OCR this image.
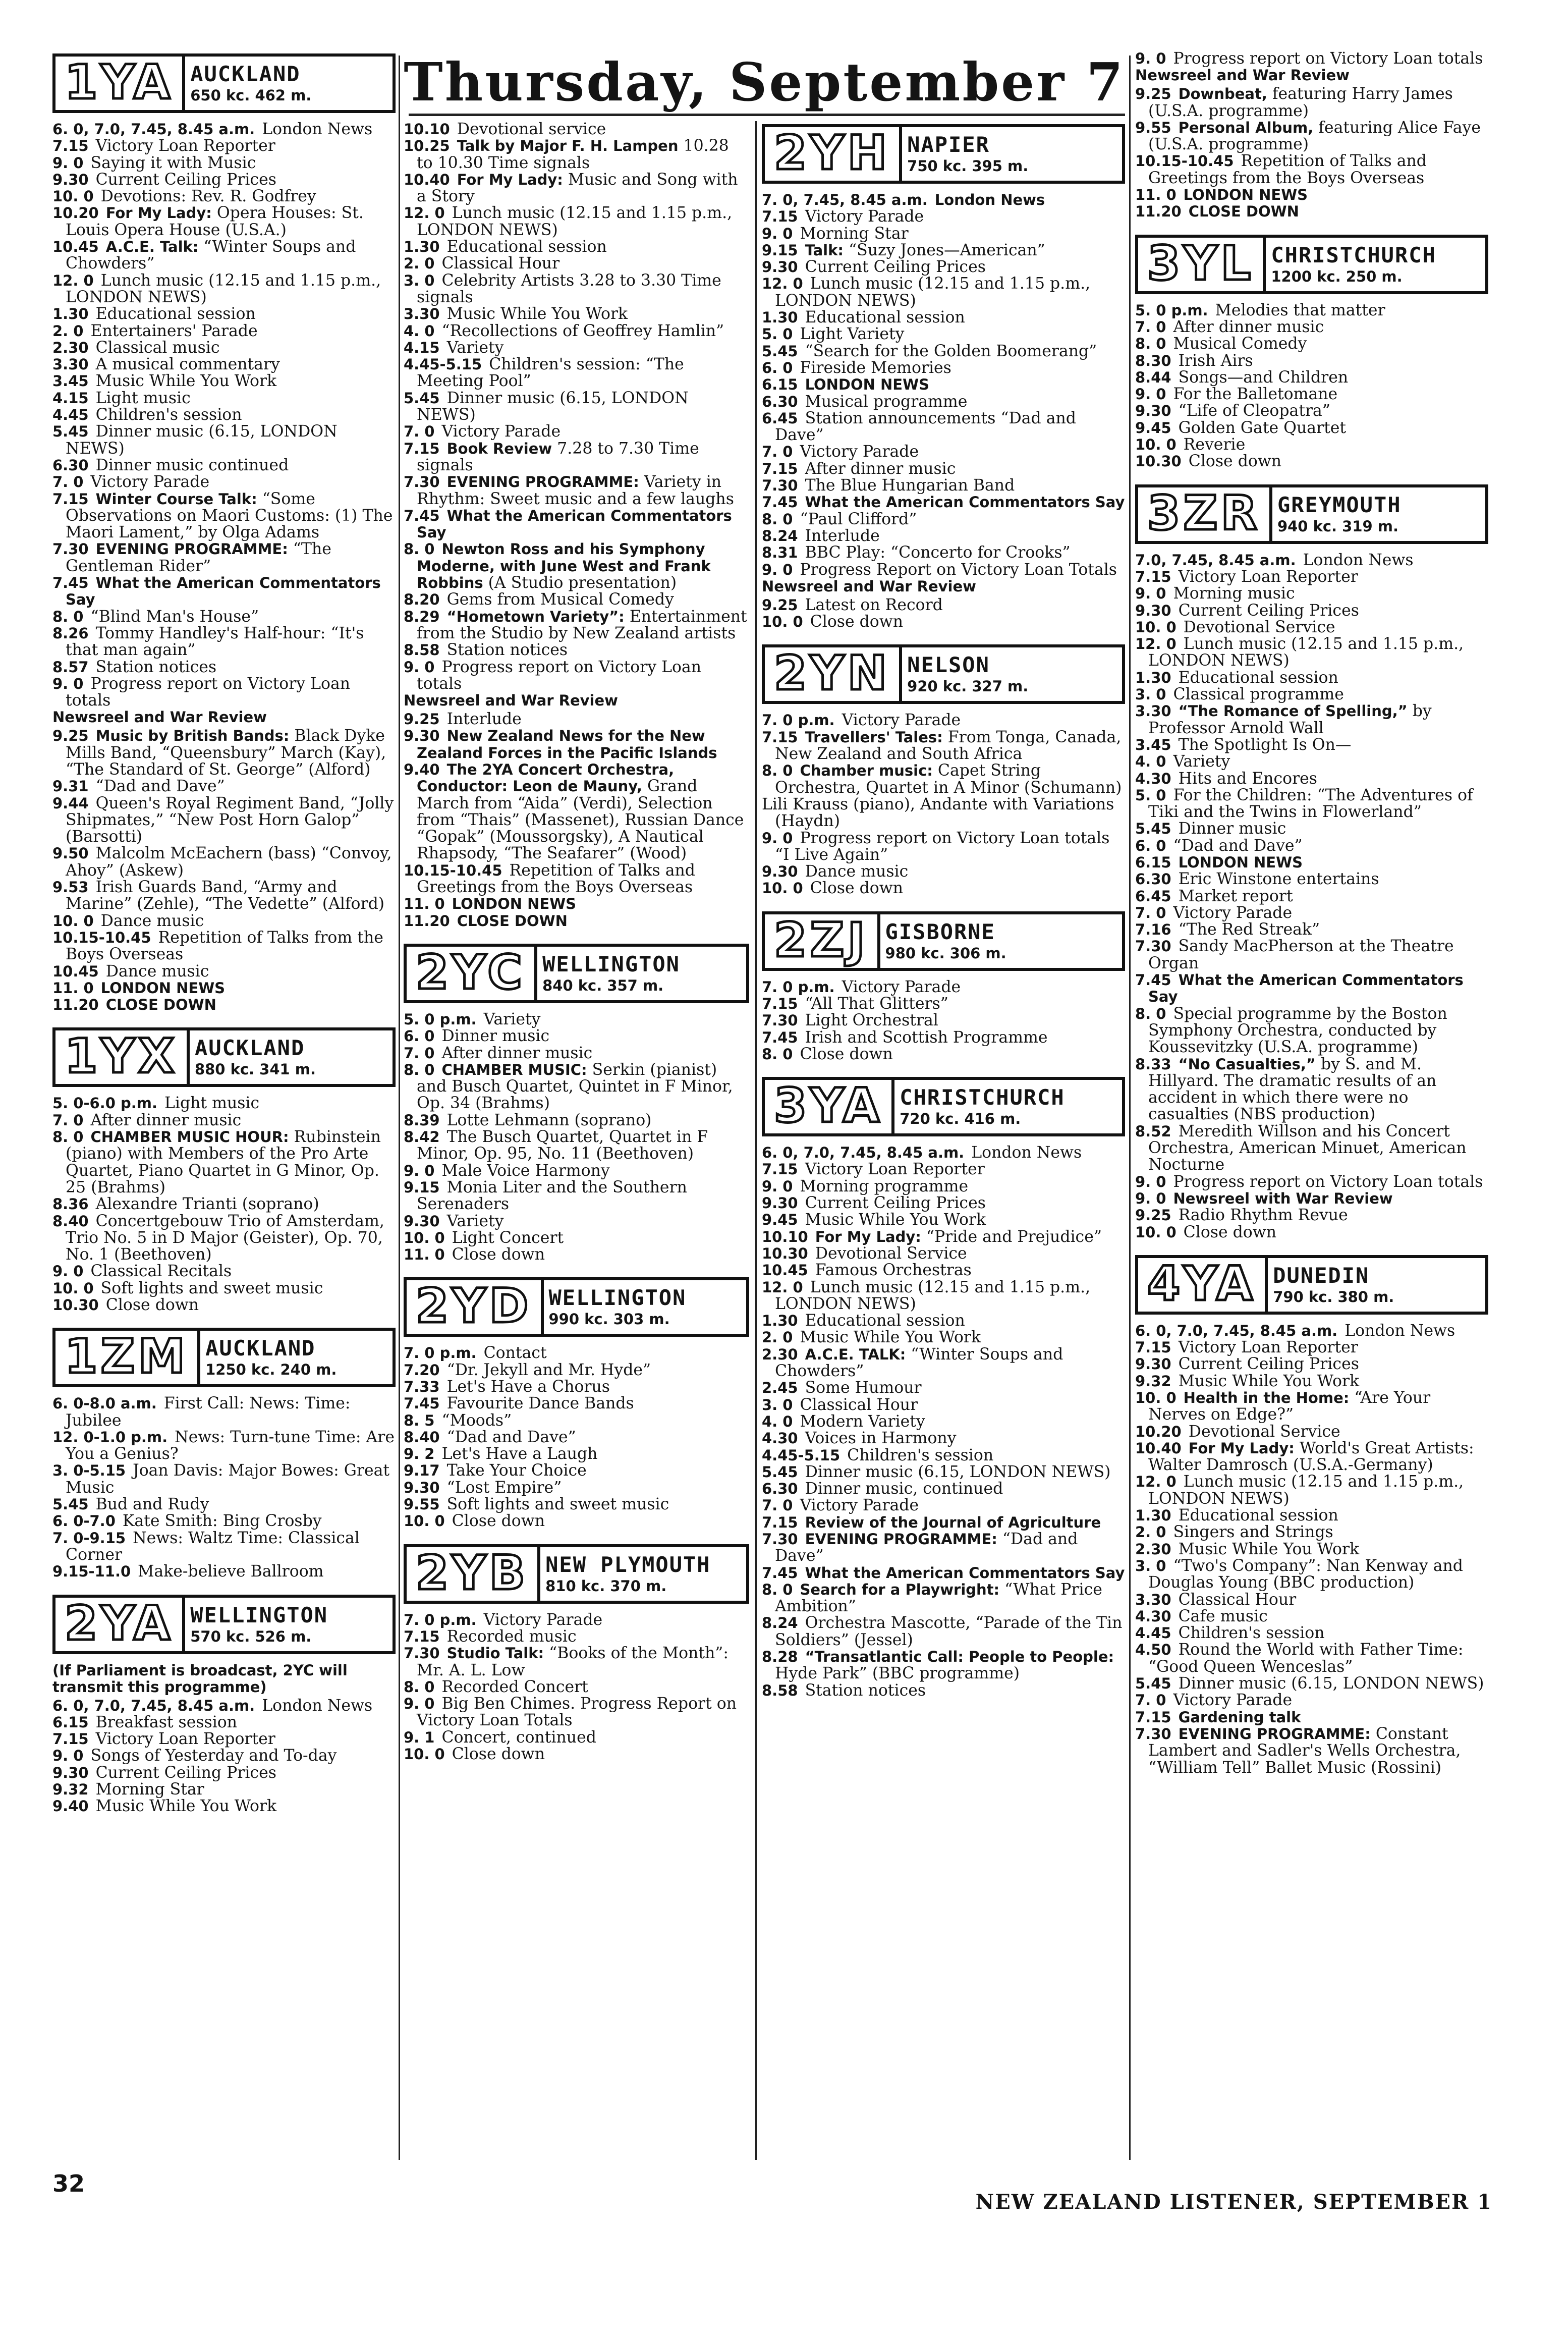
Thursday, September 7
1YA AUCKLAND
650 kc. 462 m.
6. 0, 7.0, 7.45, 8.45 a.m. London News
7.15 Victory Loan Reporter
9. 0 Saying it with Music
9.30 Current Ceiling Prices
10. 0 Devotions: Rev. R. Godfrey
10.20 For My Lady: Opera Houses: St. Louis Opera House (U.S.A.)
10.45 A.C.E. Talk: “Winter Soups and Chowders”
12. 0 Lunch music (12.15 and 1.15 p.m., LONDON NEWS)
1.30 Educational session
2. 0 Entertainers' Parade
2.30 Classical music
3.30 A musical commentary
3.45 Music While You Work
4.15 Light music
4.45 Children's session
5.45 Dinner music (6.15, LONDON NEWS)
6.30 Dinner music continued
7. 0 Victory Parade
7.15 Winter Course Talk: “Some Observations on Maori Customs: (1) The Maori Lament,” by Olga Adams
7.30 EVENING PROGRAMME: “The Gentleman Rider”
7.45 What the American Commentators Say
8. 0 “Blind Man's House”
8.26 Tommy Handley's Half-hour: “It's that man again”
8.57 Station notices
9. 0 Progress report on Victory Loan totals
Newsreel and War Review
9.25 Music by British Bands: Black Dyke Mills Band, “Queensbury” March (Kay), “The Standard of St. George” (Alford)
9.31 “Dad and Dave”
9.44 Queen's Royal Regiment Band, “Jolly Shipmates,” “New Post Horn Galop” (Barsotti)
9.50 Malcolm McEachern (bass) “Convoy, Ahoy” (Askew)
9.53 Irish Guards Band, “Army and Marine” (Zehle), “The Vedette” (Alford)
10. 0 Dance music
10.15-10.45 Repetition of Talks from the Boys Overseas
10.45 Dance music
11. 0 LONDON NEWS
11.20 CLOSE DOWN
1YX AUCKLAND
880 kc. 341 m.
5. 0-6.0 p.m. Light music
7. 0 After dinner music
8. 0 CHAMBER MUSIC HOUR: Rubinstein (piano) with Members of the Pro Arte Quartet, Piano Quartet in G Minor, Op. 25 (Brahms)
8.36 Alexandre Trianti (soprano)
8.40 Concertgebouw Trio of Amsterdam, Trio No. 5 in D Major (Geister), Op. 70, No. 1 (Beethoven)
9. 0 Classical Recitals
10. 0 Soft lights and sweet music
10.30 Close down
1ZM AUCKLAND
1250 kc. 240 m.
6. 0-8.0 a.m. First Call: News: Time: Jubilee
12. 0-1.0 p.m. News: Turn-tune Time: Are You a Genius?
3. 0-5.15 Joan Davis: Major Bowes: Great Music
5.45 Bud and Rudy
6. 0-7.0 Kate Smith: Bing Crosby
7. 0-9.15 News: Waltz Time: Classical Corner
9.15-11.0 Make-believe Ballroom
2YA WELLINGTON
570 kc. 526 m.
(If Parliament is broadcast, 2YC will transmit this programme)
6. 0, 7.0, 7.45, 8.45 a.m. London News
6.15 Breakfast session
7.15 Victory Loan Reporter
9. 0 Songs of Yesterday and To-day
9.30 Current Ceiling Prices
9.32 Morning Star
9.40 Music While You Work
10.10 Devotional service
10.25 Talk by Major F. H. Lampen 10.28 to 10.30 Time signals
10.40 For My Lady: Music and Song with a Story
12. 0 Lunch music (12.15 and 1.15 p.m., LONDON NEWS)
1.30 Educational session
2. 0 Classical Hour
3. 0 Celebrity Artists 3.28 to 3.30 Time signals
3.30 Music While You Work
4. 0 “Recollections of Geoffrey Hamlin”
4.15 Variety
4.45-5.15 Children's session: “The Meeting Pool”
5.45 Dinner music (6.15, LONDON NEWS)
7. 0 Victory Parade
7.15 Book Review 7.28 to 7.30 Time signals
7.30 EVENING PROGRAMME: Variety in Rhythm: Sweet music and a few laughs
7.45 What the American Commentators Say
8. 0 Newton Ross and his Symphony Moderne, with June West and Frank Robbins (A Studio presentation)
8.20 Gems from Musical Comedy
8.29 “Hometown Variety”: Entertainment from the Studio by New Zealand artists
8.58 Station notices
9. 0 Progress report on Victory Loan totals
Newsreel and War Review
9.25 Interlude
9.30 New Zealand News for the New Zealand Forces in the Pacific Islands
9.40 The 2YA Concert Orchestra, Conductor: Leon de Mauny, Grand March from “Aida” (Verdi), Selection from “Thais” (Massenet), Russian Dance “Gopak” (Moussorgsky), A Nautical Rhapsody, “The Seafarer” (Wood)
10.15-10.45 Repetition of Talks and Greetings from the Boys Overseas
11. 0 LONDON NEWS
11.20 CLOSE DOWN
2YC WELLINGTON
840 kc. 357 m.
5. 0 p.m. Variety
6. 0 Dinner music
7. 0 After dinner music
8. 0 CHAMBER MUSIC: Serkin (pianist) and Busch Quartet, Quintet in F Minor, Op. 34 (Brahms)
8.39 Lotte Lehmann (soprano)
8.42 The Busch Quartet, Quartet in F Minor, Op. 95, No. 11 (Beethoven)
9. 0 Male Voice Harmony
9.15 Monia Liter and the Southern Serenaders
9.30 Variety
10. 0 Light Concert
11. 0 Close down
2YD WELLINGTON
990 kc. 303 m.
7. 0 p.m. Contact
7.20 “Dr. Jekyll and Mr. Hyde”
7.33 Let's Have a Chorus
7.45 Favourite Dance Bands
8. 5 “Moods”
8.40 “Dad and Dave”
9. 2 Let's Have a Laugh
9.17 Take Your Choice
9.30 “Lost Empire”
9.55 Soft lights and sweet music
10. 0 Close down
2YB NEW PLYMOUTH
810 kc. 370 m.
7. 0 p.m. Victory Parade
7.15 Recorded music
7.30 Studio Talk: “Books of the Month”: Mr. A. L. Low
8. 0 Recorded Concert
9. 0 Big Ben Chimes. Progress Report on Victory Loan Totals
9. 1 Concert, continued
10. 0 Close down
2YH NAPIER
750 kc. 395 m.
7. 0, 7.45, 8.45 a.m. London News
7.15 Victory Parade
9. 0 Morning Star
9.15 Talk: “Suzy Jones—American”
9.30 Current Ceiling Prices
12. 0 Lunch music (12.15 and 1.15 p.m., LONDON NEWS)
1.30 Educational session
5. 0 Light Variety
5.45 “Search for the Golden Boomerang”
6. 0 Fireside Memories
6.15 LONDON NEWS
6.30 Musical programme
6.45 Station announcements “Dad and Dave”
7. 0 Victory Parade
7.15 After dinner music
7.30 The Blue Hungarian Band
7.45 What the American Commentators Say
8. 0 “Paul Clifford”
8.24 Interlude
8.31 BBC Play: “Concerto for Crooks”
9. 0 Progress Report on Victory Loan Totals
Newsreel and War Review
9.25 Latest on Record
10. 0 Close down
2YN NELSON
920 kc. 327 m.
7. 0 p.m. Victory Parade
7.15 Travellers' Tales: From Tonga, Canada, New Zealand and South Africa
8. 0 Chamber music: Capet String Orchestra, Quartet in A Minor (Schumann)
Lili Krauss (piano), Andante with Variations (Haydn)
9. 0 Progress report on Victory Loan totals “I Live Again”
9.30 Dance music
10. 0 Close down
2ZJ GISBORNE
980 kc. 306 m.
7. 0 p.m. Victory Parade
7.15 “All That Glitters”
7.30 Light Orchestral
7.45 Irish and Scottish Programme
8. 0 Close down
3YA CHRISTCHURCH
720 kc. 416 m.
6. 0, 7.0, 7.45, 8.45 a.m. London News
7.15 Victory Loan Reporter
9. 0 Morning programme
9.30 Current Ceiling Prices
9.45 Music While You Work
10.10 For My Lady: “Pride and Prejudice”
10.30 Devotional Service
10.45 Famous Orchestras
12. 0 Lunch music (12.15 and 1.15 p.m., LONDON NEWS)
1.30 Educational session
2. 0 Music While You Work
2.30 A.C.E. TALK: “Winter Soups and Chowders”
2.45 Some Humour
3. 0 Classical Hour
4. 0 Modern Variety
4.30 Voices in Harmony
4.45-5.15 Children's session
5.45 Dinner music (6.15, LONDON NEWS)
6.30 Dinner music, continued
7. 0 Victory Parade
7.15 Review of the Journal of Agriculture
7.30 EVENING PROGRAMME: “Dad and Dave”
7.45 What the American Commentators Say
8. 0 Search for a Playwright: “What Price Ambition”
8.24 Orchestra Mascotte, “Parade of the Tin Soldiers” (Jessel)
8.28 “Transatlantic Call: People to People: Hyde Park” (BBC programme)
8.58 Station notices
9. 0 Progress report on Victory Loan totals
Newsreel and War Review
9.25 Downbeat, featuring Harry James (U.S.A. programme)
9.55 Personal Album, featuring Alice Faye (U.S.A. programme)
10.15-10.45 Repetition of Talks and Greetings from the Boys Overseas
11. 0 LONDON NEWS
11.20 CLOSE DOWN
3YL CHRISTCHURCH
1200 kc. 250 m.
5. 0 p.m. Melodies that matter
7. 0 After dinner music
8. 0 Musical Comedy
8.30 Irish Airs
8.44 Songs—and Children
9. 0 For the Balletomane
9.30 “Life of Cleopatra”
9.45 Golden Gate Quartet
10. 0 Reverie
10.30 Close down
3ZR GREYMOUTH
940 kc. 319 m.
7.0, 7.45, 8.45 a.m. London News
7.15 Victory Loan Reporter
9. 0 Morning music
9.30 Current Ceiling Prices
10. 0 Devotional Service
12. 0 Lunch music (12.15 and 1.15 p.m., LONDON NEWS)
1.30 Educational session
3. 0 Classical programme
3.30 “The Romance of Spelling,” by Professor Arnold Wall
3.45 The Spotlight Is On—
4. 0 Variety
4.30 Hits and Encores
5. 0 For the Children: “The Adventures of Tiki and the Twins in Flowerland”
5.45 Dinner music
6. 0 “Dad and Dave”
6.15 LONDON NEWS
6.30 Eric Winstone entertains
6.45 Market report
7. 0 Victory Parade
7.16 “The Red Streak”
7.30 Sandy MacPherson at the Theatre Organ
7.45 What the American Commentators Say
8. 0 Special programme by the Boston Symphony Orchestra, conducted by Koussevitzky (U.S.A. programme)
8.33 “No Casualties,” by S. and M. Hillyard. The dramatic results of an accident in which there were no casualties (NBS production)
8.52 Meredith Willson and his Concert Orchestra, American Minuet, American Nocturne
9. 0 Progress report on Victory Loan totals
9. 0 Newsreel with War Review
9.25 Radio Rhythm Revue
10. 0 Close down
4YA DUNEDIN
790 kc. 380 m.
6. 0, 7.0, 7.45, 8.45 a.m. London News
7.15 Victory Loan Reporter
9.30 Current Ceiling Prices
9.32 Music While You Work
10. 0 Health in the Home: “Are Your Nerves on Edge?”
10.20 Devotional Service
10.40 For My Lady: World's Great Artists: Walter Damrosch (U.S.A.-Germany)
12. 0 Lunch music (12.15 and 1.15 p.m., LONDON NEWS)
1.30 Educational session
2. 0 Singers and Strings
2.30 Music While You Work
3. 0 “Two's Company”: Nan Kenway and Douglas Young (BBC production)
3.30 Classical Hour
4.30 Cafe music
4.45 Children's session
4.50 Round the World with Father Time: “Good Queen Wenceslas”
5.45 Dinner music (6.15, LONDON NEWS)
7. 0 Victory Parade
7.15 Gardening talk
7.30 EVENING PROGRAMME: Constant Lambert and Sadler's Wells Orchestra, “William Tell” Ballet Music (Rossini)
32
NEW ZEALAND LISTENER, SEPTEMBER 1
